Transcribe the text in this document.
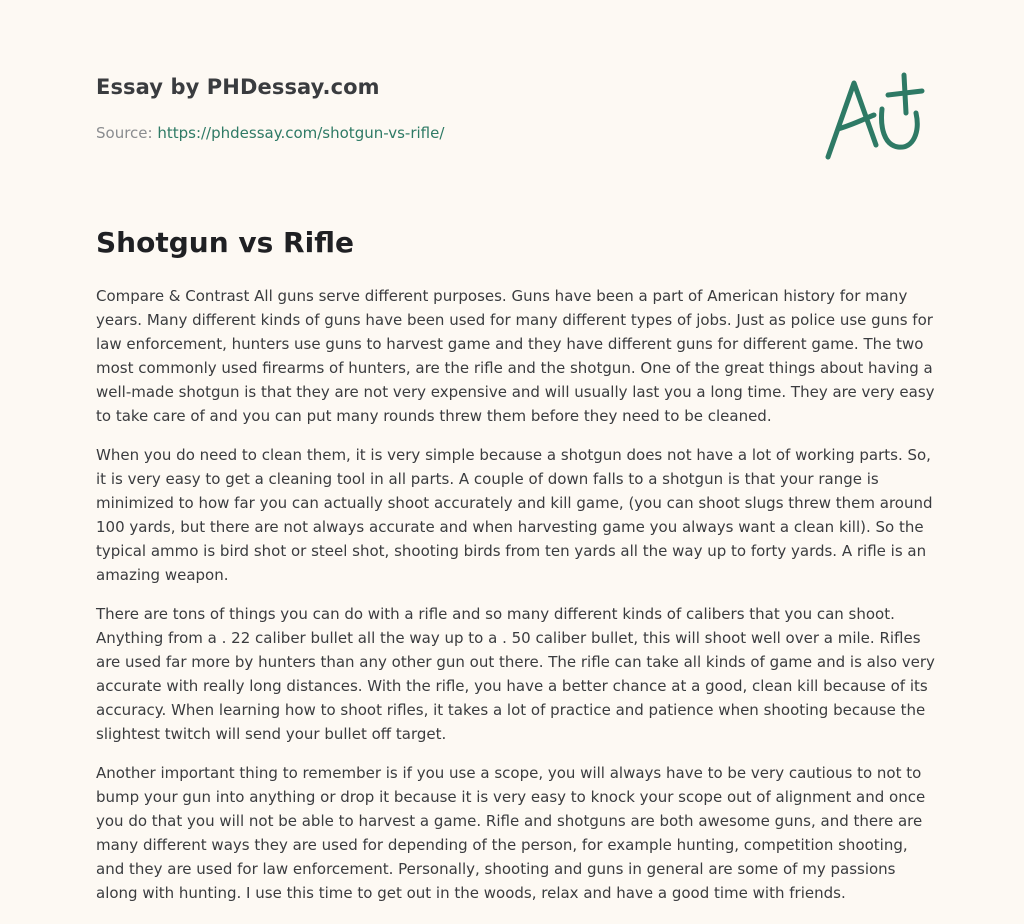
Essay by PHDessay.com
Source: https://phdessay.com/shotgun-vs-rifle/
Shotgun vs Rifle

Compare & Contrast All guns serve different purposes. Guns have been a part of American history for many years. Many different kinds of guns have been used for many different types of jobs. Just as police use guns for law enforcement, hunters use guns to harvest game and they have different guns for different game. The two most commonly used firearms of hunters, are the rifle and the shotgun. One of the great things about having a well-made shotgun is that they are not very expensive and will usually last you a long time. They are very easy to take care of and you can put many rounds threw them before they need to be cleaned.

When you do need to clean them, it is very simple because a shotgun does not have a lot of working parts. So, it is very easy to get a cleaning tool in all parts. A couple of down falls to a shotgun is that your range is minimized to how far you can actually shoot accurately and kill game, (you can shoot slugs threw them around 100 yards, but there are not always accurate and when harvesting game you always want a clean kill). So the typical ammo is bird shot or steel shot, shooting birds from ten yards all the way up to forty yards. A rifle is an amazing weapon.

There are tons of things you can do with a rifle and so many different kinds of calibers that you can shoot. Anything from a . 22 caliber bullet all the way up to a . 50 caliber bullet, this will shoot well over a mile. Rifles are used far more by hunters than any other gun out there. The rifle can take all kinds of game and is also very accurate with really long distances. With the rifle, you have a better chance at a good, clean kill because of its accuracy. When learning how to shoot rifles, it takes a lot of practice and patience when shooting because the slightest twitch will send your bullet off target.

Another important thing to remember is if you use a scope, you will always have to be very cautious to not to bump your gun into anything or drop it because it is very easy to knock your scope out of alignment and once you do that you will not be able to harvest a game. Rifle and shotguns are both awesome guns, and there are many different ways they are used for depending of the person, for example hunting, competition shooting, and they are used for law enforcement. Personally, shooting and guns in general are some of my passions along with hunting. I use this time to get out in the woods, relax and have a good time with friends.
